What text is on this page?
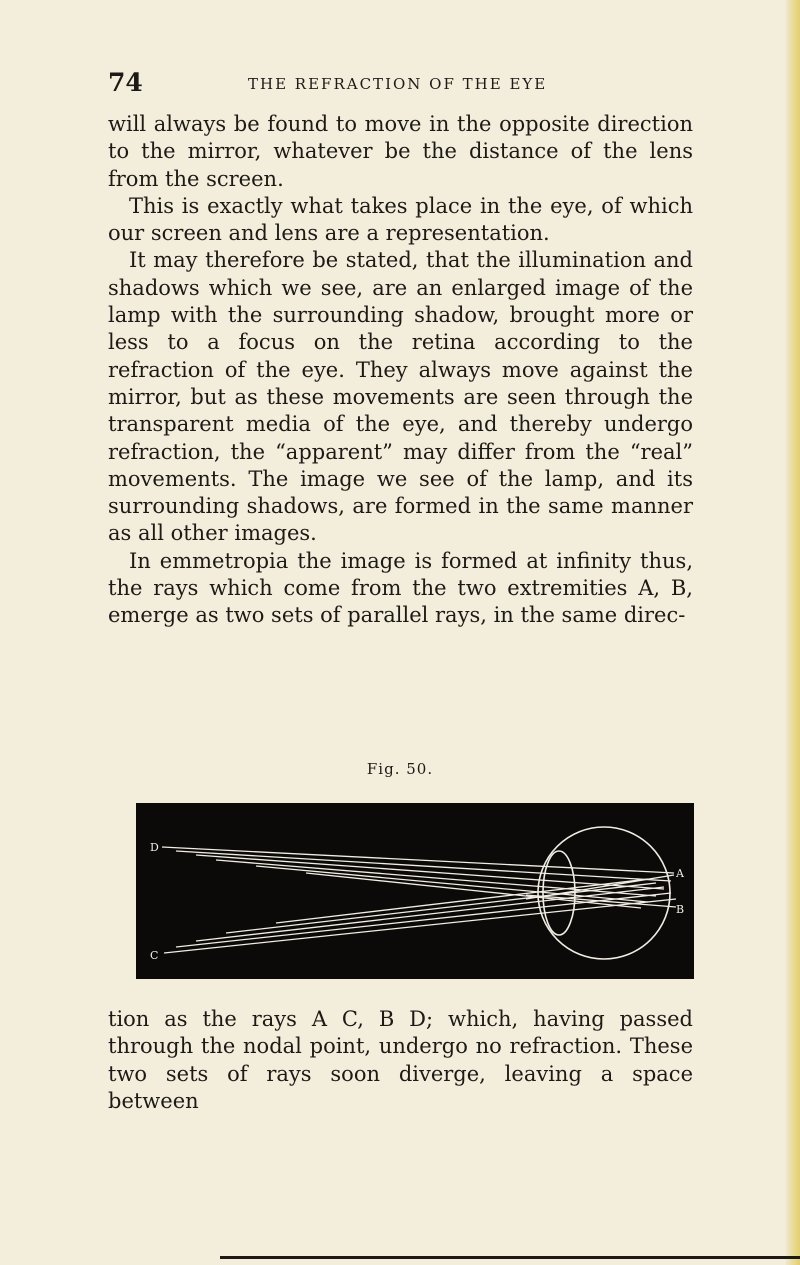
74	THE REFRACTION OF THE EYE

will always be found to move in the opposite direction to the mirror, whatever be the distance of the lens from the screen.

This is exactly what takes place in the eye, of which our screen and lens are a representation.

It may therefore be stated, that the illumination and shadows which we see, are an enlarged image of the lamp with the surrounding shadow, brought more or less to a focus on the retina according to the refraction of the eye. They always move against the mirror, but as these movements are seen through the transparent media of the eye, and thereby undergo refraction, the “apparent” may differ from the “real” movements. The image we see of the lamp, and its surrounding shadows, are formed in the same manner as all other images.

In emmetropia the image is formed at infinity thus, the rays which come from the two extremities A, B, emerge as two sets of parallel rays, in the same direc-

Fig. 50.
D
C
A
B

tion as the rays A C, B D; which, having passed through the nodal point, undergo no refraction. These two sets of rays soon diverge, leaving a space between
